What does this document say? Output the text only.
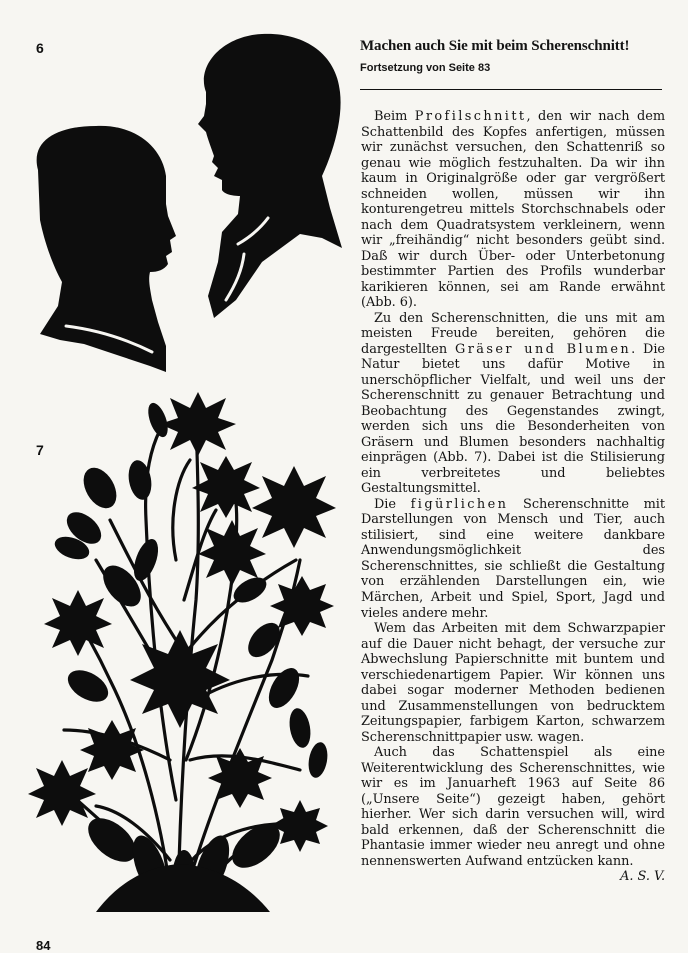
6
7
84
Machen auch Sie mit beim Scherenschnitt!
Fortsetzung von Seite 83

Beim Profilschnitt, den wir nach dem Schattenbild des Kopfes anfertigen, müssen wir zunächst versuchen, den Schattenriß so genau wie möglich festzuhalten. Da wir ihn kaum in Originalgröße oder gar vergrößert schneiden wollen, müssen wir ihn konturengetreu mittels Storchschnabels oder nach dem Quadratsystem verkleinern, wenn wir „freihändig“ nicht besonders geübt sind. Daß wir durch Über- oder Unterbetonung bestimmter Partien des Profils wunderbar karikieren können, sei am Rande erwähnt (Abb. 6).

Zu den Scherenschnitten, die uns mit am meisten Freude bereiten, gehören die dargestellten Gräser und Blumen. Die Natur bietet uns dafür Motive in unerschöpflicher Vielfalt, und weil uns der Scherenschnitt zu genauer Betrachtung und Beobachtung des Gegenstandes zwingt, werden sich uns die Besonderheiten von Gräsern und Blumen besonders nachhaltig einprägen (Abb. 7). Dabei ist die Stilisierung ein verbreitetes und beliebtes Gestaltungsmittel.

Die figürlichen Scherenschnitte mit Darstellungen von Mensch und Tier, auch stilisiert, sind eine weitere dankbare Anwendungsmöglichkeit des Scherenschnittes, sie schließt die Gestaltung von erzählenden Darstellungen ein, wie Märchen, Arbeit und Spiel, Sport, Jagd und vieles andere mehr.

Wem das Arbeiten mit dem Schwarzpapier auf die Dauer nicht behagt, der versuche zur Abwechslung Papierschnitte mit buntem und verschiedenartigem Papier. Wir können uns dabei sogar moderner Methoden bedienen und Zusammenstellungen von bedrucktem Zeitungspapier, farbigem Karton, schwarzem Scherenschnittpapier usw. wagen.

Auch das Schattenspiel als eine Weiterentwicklung des Scherenschnittes, wie wir es im Januarheft 1963 auf Seite 86 („Unsere Seite“) gezeigt haben, gehört hierher. Wer sich darin versuchen will, wird bald erkennen, daß der Scherenschnitt die Phantasie immer wieder neu anregt und ohne nennenswerten Aufwand entzücken kann.
A. S. V.
